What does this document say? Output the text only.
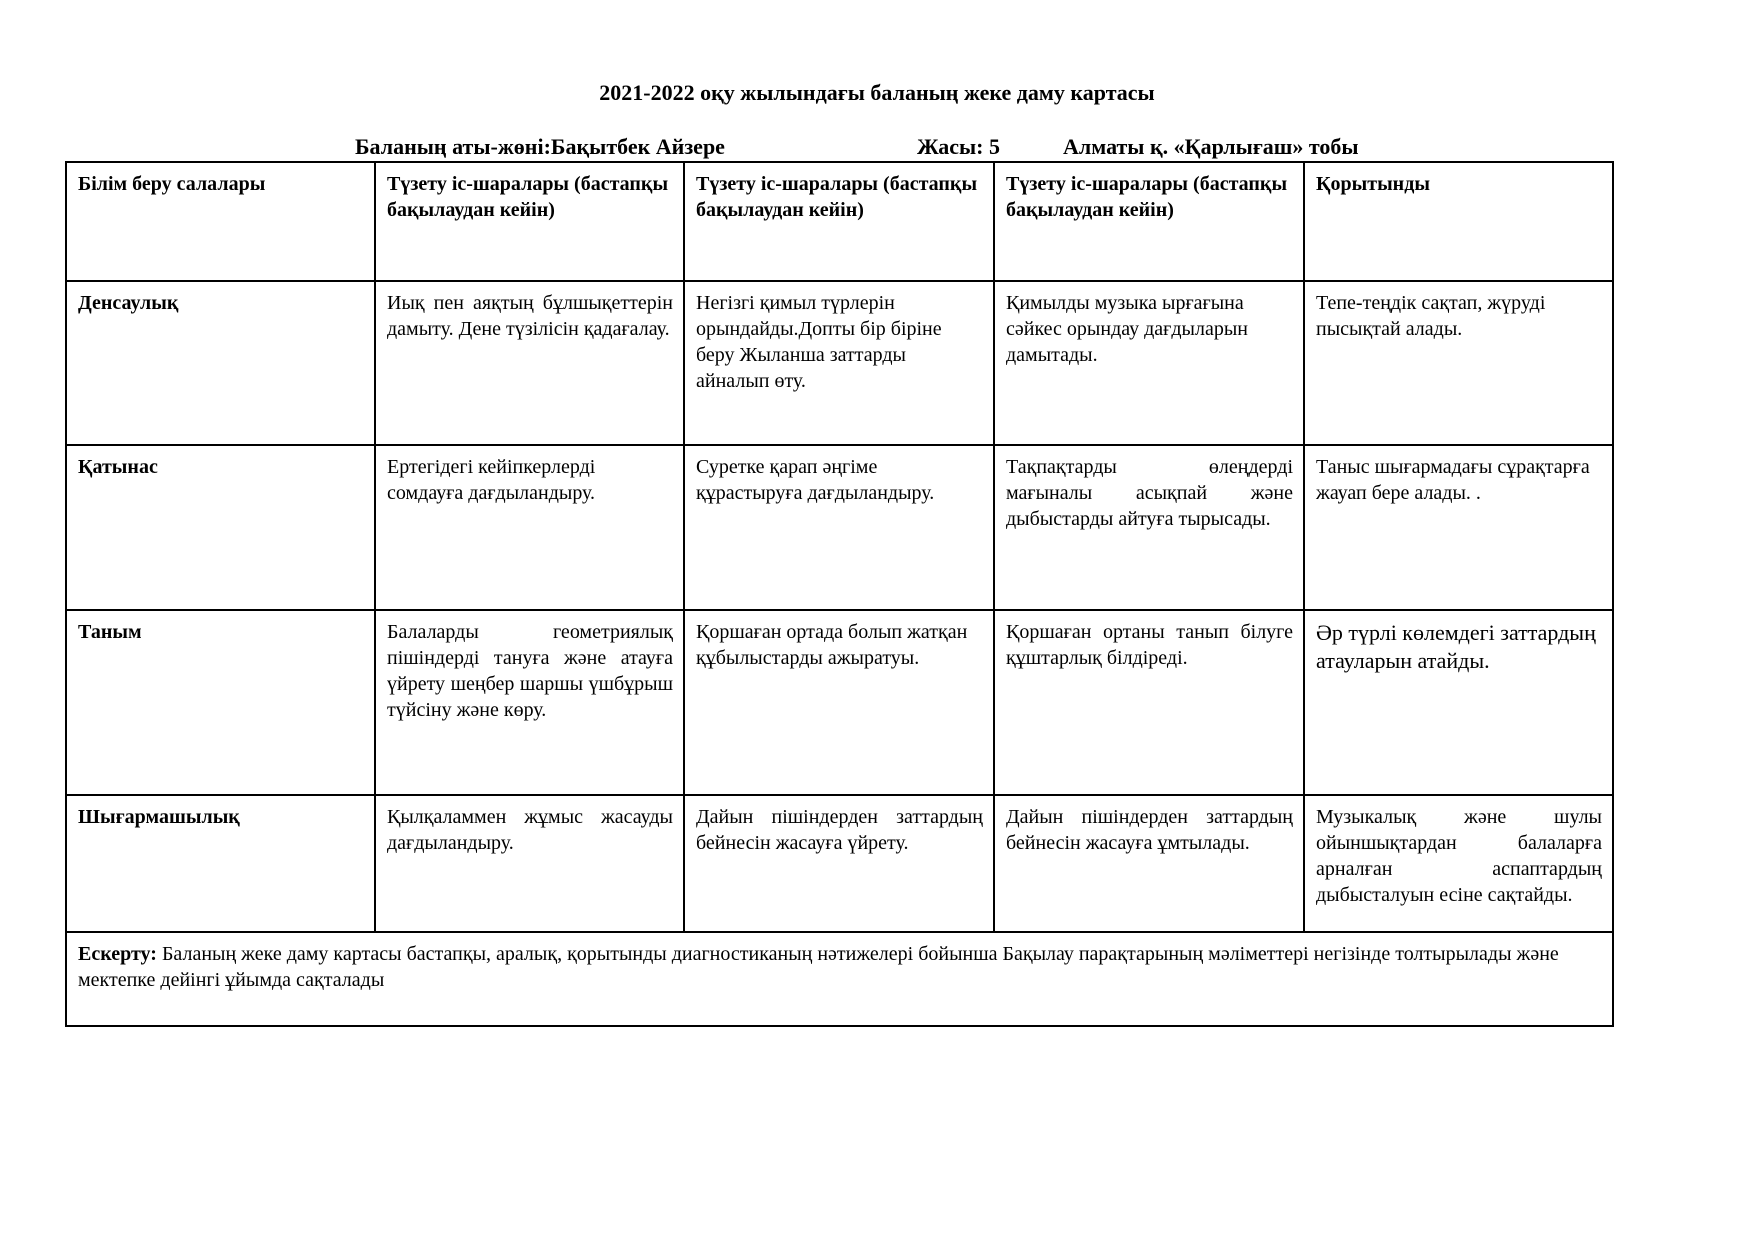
2021-2022 оқу жылындағы баланың жеке даму картасы
Баланың аты-жөні:Бақытбек Айзере	Жасы: 5	Алматы қ. «Қарлығаш» тобы
Білім беру салалары	Түзету іс-шаралары (бастапқы бақылаудан кейін)	Түзету іс-шаралары (бастапқы бақылаудан кейін)	Түзету іс-шаралары (бастапқы бақылаудан кейін)	Қорытынды
Денсаулық	Иық пен аяқтың бұлшықеттерін дамыту. Дене түзілісін қадағалау.	Негізгі қимыл түрлерін орындайды.Допты бір біріне беру Жыланша заттарды айналып өту.	Қимылды музыка ырғағына сәйкес орындау дағдыларын дамытады.	Тепе-теңдік сақтап, жүруді пысықтай алады.
Қатынас	Ертегідегі кейіпкерлерді сомдауға дағдыландыру.	Суретке қарап әңгіме құрастыруға дағдыландыру.	Тақпақтарды өлеңдерді мағыналы асықпай және дыбыстарды айтуға тырысады.	Таныс шығармадағы сұрақтарға жауап бере алады. .
Таным	Балаларды геометриялық пішіндерді тануға және атауға үйрету шеңбер шаршы үшбұрыш түйсіну және көру.	Қоршаған ортада болып жатқан құбылыстарды ажыратуы.	Қоршаған ортаны танып білуге құштарлық білдіреді.	Әр түрлі көлемдегі заттардың атауларын атайды.
Шығармашылық	Қылқаламмен жұмыс жасауды дағдыландыру.	Дайын пішіндерден заттардың бейнесін жасауға үйрету.	Дайын пішіндерден заттардың бейнесін жасауға ұмтылады.	Музыкалық және шулы ойыншықтардан балаларға арналған аспаптардың дыбысталуын есіне сақтайды.
Ескерту: Баланың жеке даму картасы бастапқы, аралық, қорытынды диагностиканың нәтижелері бойынша Бақылау парақтарының мәліметтері негізінде толтырылады және мектепке дейінгі ұйымда сақталады				
